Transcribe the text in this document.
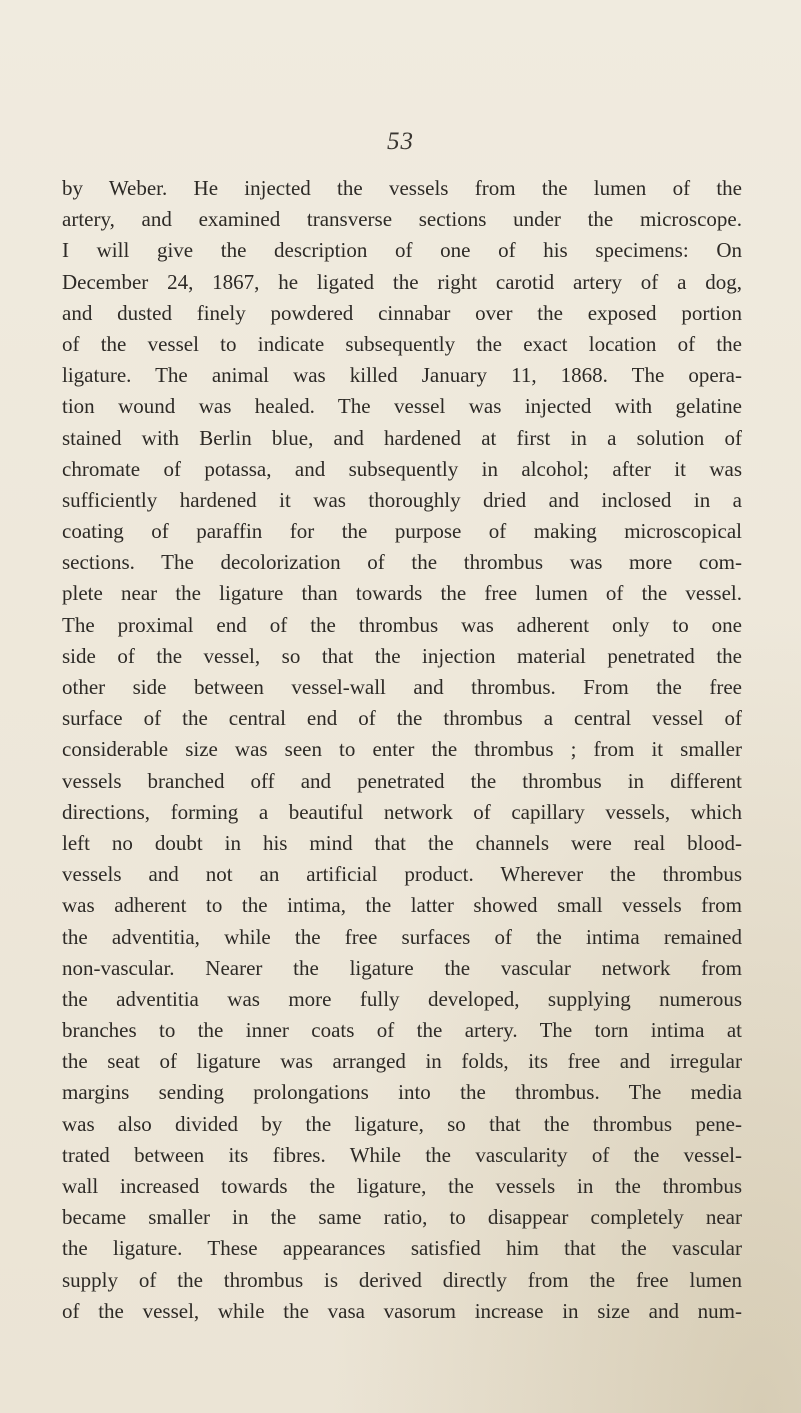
53
by Weber. He injected the vessels from the lumen of the
artery, and examined transverse sections under the microscope.
I will give the description of one of his specimens: On
December 24, 1867, he ligated the right carotid artery of a dog,
and dusted finely powdered cinnabar over the exposed portion
of the vessel to indicate subsequently the exact location of the
ligature. The animal was killed January 11, 1868. The opera-
tion wound was healed. The vessel was injected with gelatine
stained with Berlin blue, and hardened at first in a solution of
chromate of potassa, and subsequently in alcohol; after it was
sufficiently hardened it was thoroughly dried and inclosed in a
coating of paraffin for the purpose of making microscopical
sections. The decolorization of the thrombus was more com-
plete near the ligature than towards the free lumen of the vessel.
The proximal end of the thrombus was adherent only to one
side of the vessel, so that the injection material penetrated the
other side between vessel-wall and thrombus. From the free
surface of the central end of the thrombus a central vessel of
considerable size was seen to enter the thrombus ; from it smaller
vessels branched off and penetrated the thrombus in different
directions, forming a beautiful network of capillary vessels, which
left no doubt in his mind that the channels were real blood-
vessels and not an artificial product. Wherever the thrombus
was adherent to the intima, the latter showed small vessels from
the adventitia, while the free surfaces of the intima remained
non-vascular. Nearer the ligature the vascular network from
the adventitia was more fully developed, supplying numerous
branches to the inner coats of the artery. The torn intima at
the seat of ligature was arranged in folds, its free and irregular
margins sending prolongations into the thrombus. The media
was also divided by the ligature, so that the thrombus pene-
trated between its fibres. While the vascularity of the vessel-
wall increased towards the ligature, the vessels in the thrombus
became smaller in the same ratio, to disappear completely near
the ligature. These appearances satisfied him that the vascular
supply of the thrombus is derived directly from the free lumen
of the vessel, while the vasa vasorum increase in size and num-
